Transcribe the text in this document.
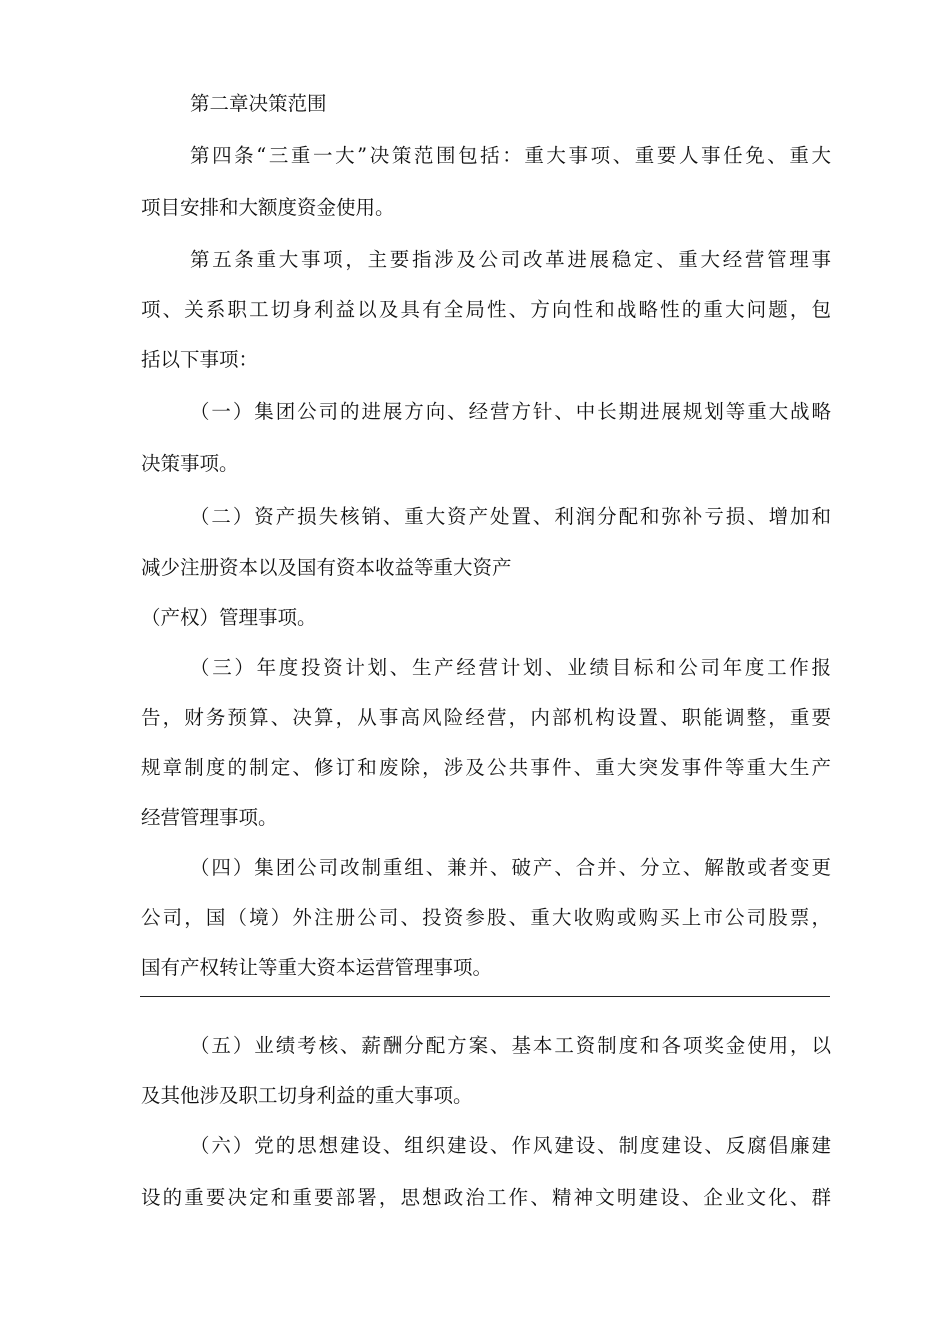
第二章决策范围
第四条“三重一大”决策范围包括：重大事项、重要人事任免、重大
项目安排和大额度资金使用。
第五条重大事项，主要指涉及公司改革进展稳定、重大经营管理事
项、关系职工切身利益以及具有全局性、方向性和战略性的重大问题，包
括以下事项：
（一）集团公司的进展方向、经营方针、中长期进展规划等重大战略
决策事项。
（二）资产损失核销、重大资产处置、利润分配和弥补亏损、增加和
减少注册资本以及国有资本收益等重大资产
（产权）管理事项。
（三）年度投资计划、生产经营计划、业绩目标和公司年度工作报
告，财务预算、决算，从事高风险经营，内部机构设置、职能调整，重要
规章制度的制定、修订和废除，涉及公共事件、重大突发事件等重大生产
经营管理事项。
（四）集团公司改制重组、兼并、破产、合并、分立、解散或者变更
公司，国（境）外注册公司、投资参股、重大收购或购买上市公司股票，
国有产权转让等重大资本运营管理事项。
（五）业绩考核、薪酬分配方案、基本工资制度和各项奖金使用，以
及其他涉及职工切身利益的重大事项。
（六）党的思想建设、组织建设、作风建设、制度建设、反腐倡廉建
设的重要决定和重要部署，思想政治工作、精神文明建设、企业文化、群
